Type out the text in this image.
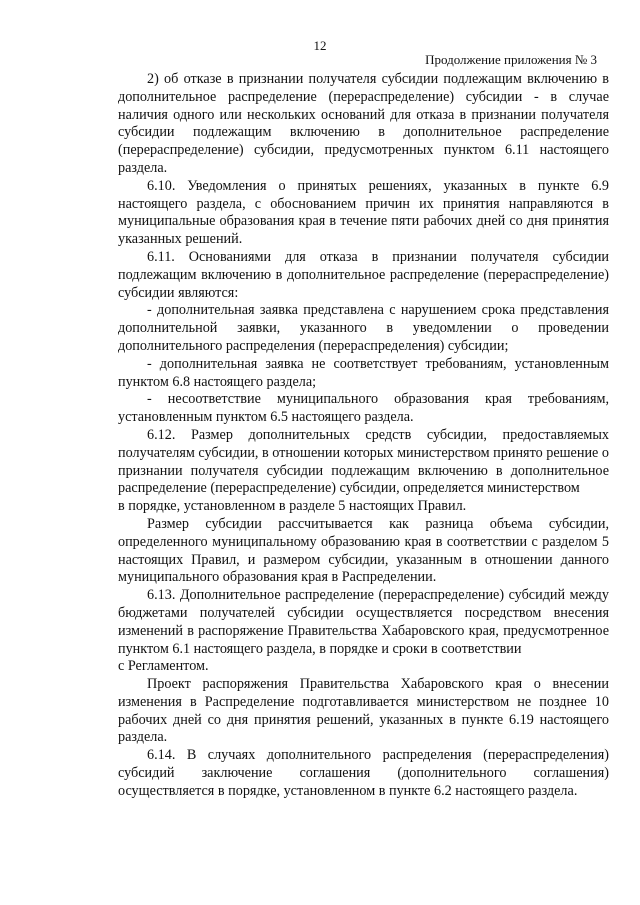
12
Продолжение приложения № 3

2) об отказе в признании получателя субсидии подлежащим включению в дополнительное распределение (перераспределение) субсидии - в случае наличия одного или нескольких оснований для отказа в признании получателя субсидии подлежащим включению в дополнительное распределение (перераспределение) субсидии, предусмотренных пунктом 6.11 настоящего раздела.

6.10. Уведомления о принятых решениях, указанных в пункте 6.9 настоящего раздела, с обоснованием причин их принятия направляются в муниципальные образования края в течение пяти рабочих дней со дня принятия указанных решений.

6.11. Основаниями для отказа в признании получателя субсидии подлежащим включению в дополнительное распределение (перераспределение) субсидии являются:

- дополнительная заявка представлена с нарушением срока представления дополнительной заявки, указанного в уведомлении о проведении дополнительного распределения (перераспределения) субсидии;

- дополнительная заявка не соответствует требованиям, установленным пунктом 6.8 настоящего раздела;

- несоответствие муниципального образования края требованиям, установленным пунктом 6.5 настоящего раздела.

6.12. Размер дополнительных средств субсидии, предоставляемых получателям субсидии, в отношении которых министерством принято решение о признании получателя субсидии подлежащим включению в дополнительное распределение (перераспределение) субсидии, определяется министерством

в порядке, установленном в разделе 5 настоящих Правил.

Размер субсидии рассчитывается как разница объема субсидии, определенного муниципальному образованию края в соответствии с разделом 5 настоящих Правил, и размером субсидии, указанным в отношении данного муниципального образования края в Распределении.

6.13. Дополнительное распределение (перераспределение) субсидий между бюджетами получателей субсидии осуществляется посредством внесения изменений в распоряжение Правительства Хабаровского края, предусмотренное пунктом 6.1 настоящего раздела, в порядке и сроки в соответствии

с Регламентом.

Проект распоряжения Правительства Хабаровского края о внесении изменения в Распределение подготавливается министерством не позднее 10 рабочих дней со дня принятия решений, указанных в пункте 6.19 настоящего раздела.

6.14. В случаях дополнительного распределения (перераспределения) субсидий заключение соглашения (дополнительного соглашения) осуществляется в порядке, установленном в пункте 6.2 настоящего раздела.
